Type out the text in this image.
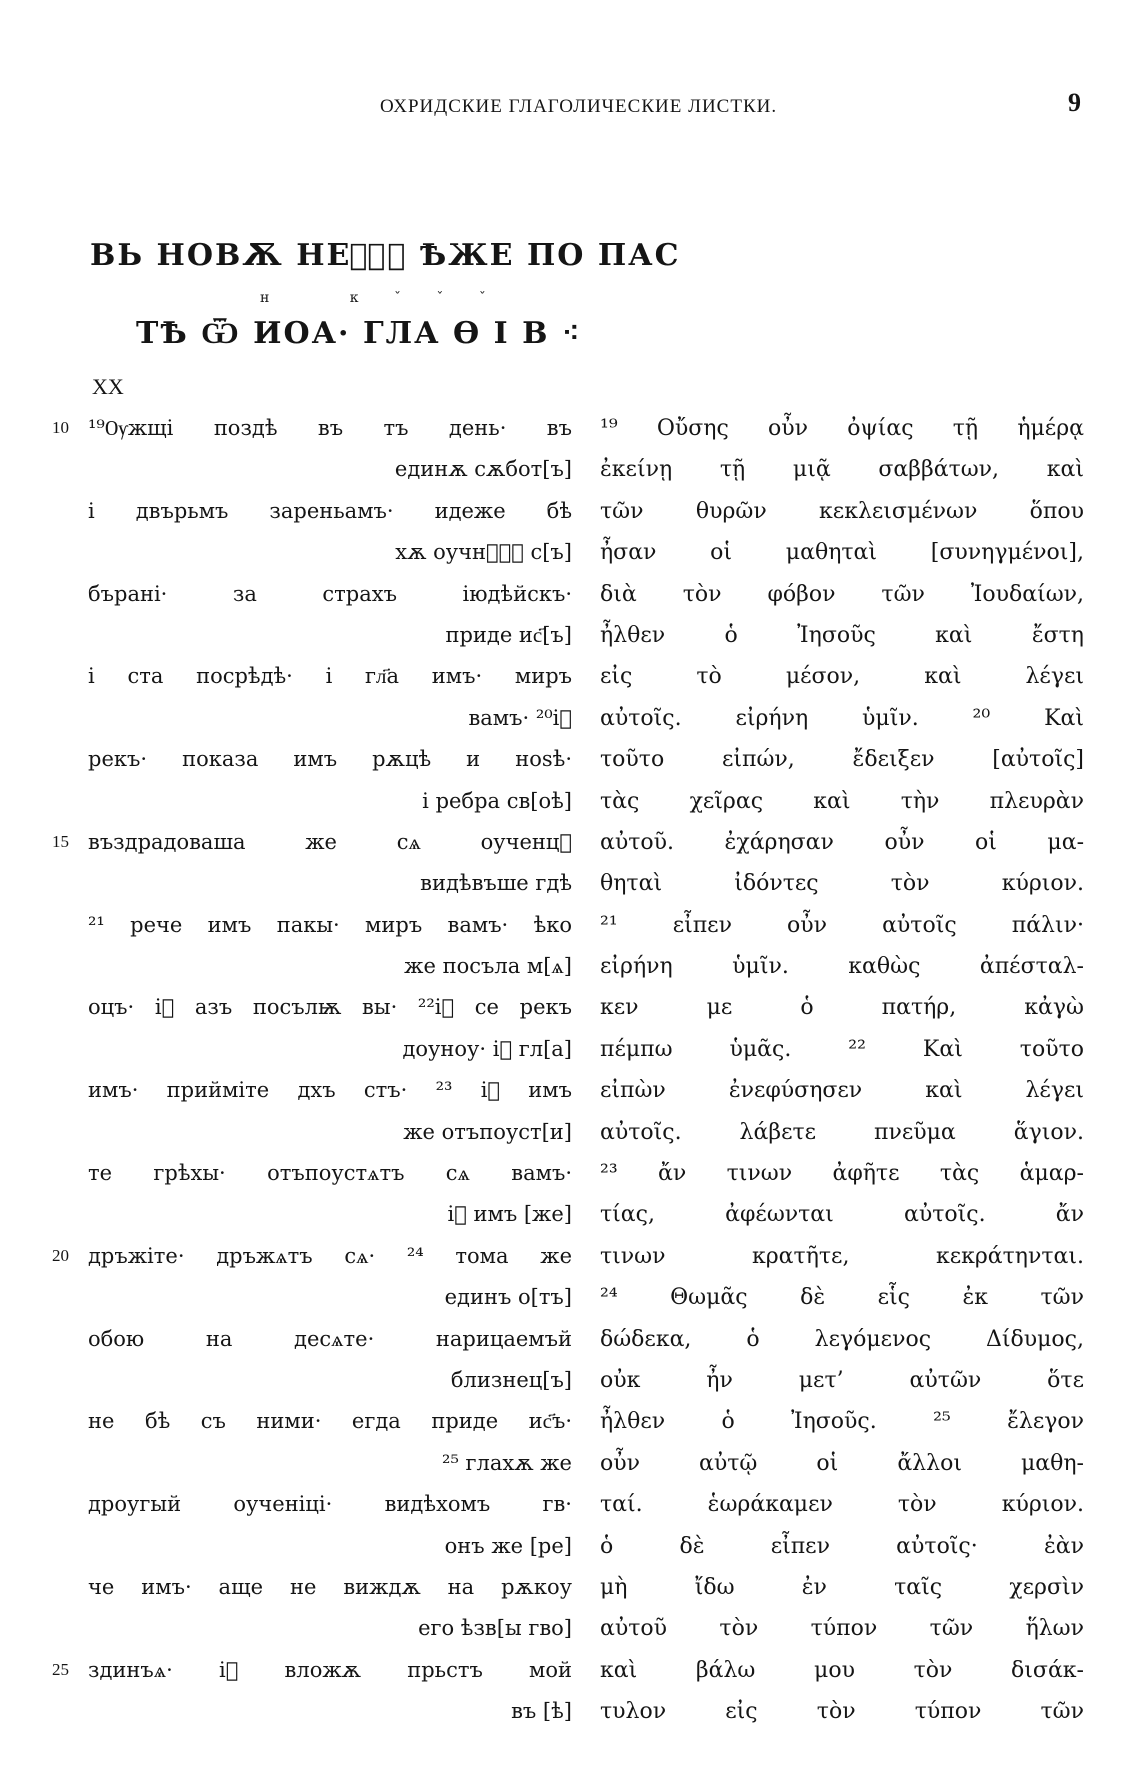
ОХРИДСКИЕ ГЛАГОЛИЧЕСКИЕ ЛИСТКИ.	9
ВЬ НОВѪ НЕⷣ҇⁖ ѢЖЕ ПО ПАС
н к ̌ ̌ ̌
ТѢ Ѿ ИОА· ГЛА Ѳ І В ⁖
XX
10
15
20
25
¹⁹Ѹжщі поздѣ въ тъ день· въ
единѫ сѫбот[ъ]
і двърьмъ зареньамъ· идеже бѣ
хѫ оучнⷰⷰ҇ с[ъ]
бърані· за страхъ іюдѣйскъ·
приде ис҃[ъ]
і ста посрѣдѣ· і гл҃а имъ· миръ
вамъ· ²⁰іⷭ
рекъ· показа имъ рѫцѣ и ноѕѣ·
і ребра св[оѣ]
въздрадоваша же сѧ оученцⷰ
видѣвъше гдѣ
²¹ рече имъ пакы· миръ вамъ· ѣко
же посъла м[ѧ]
оцъ· іⷭ азъ посълѭ вы· ²²іⷭ се рекъ
доуноу· іⷭ гл[а]
имъ· прийміте дхъ стъ· ²³ іⷭ имъ
же отъпоуст[и]
те грѣхы· отъпоустѧтъ сѧ вамъ·
іⷭ имъ [же]
дръжіте· дръжѧтъ сѧ· ²⁴ тома же
единъ о[тъ]
обою на десѧте· нарицаемъй
близнец[ъ]
не бѣ съ ними· егда приде ис҃ъ·
²⁵ глахѫ же
дроугый оученіці· видѣхомъ гв·
онъ же [ре]
че имъ· аще не виждѫ на рѫкоу
его ѣзв[ы гво]
здинъѧ· іⷭ вложѫ прьстъ мой
въ [ѣ]
¹⁹ Οὔσης οὖν ὀψίας τῇ ἡμέρᾳ
ἐκείνῃ τῇ μιᾷ σαββάτων, καὶ
τῶν θυρῶν κεκλεισμένων ὅπου
ἦσαν οἱ μαθηταὶ [συνηγμένοι],
διὰ τὸν φόβον τῶν Ἰουδαίων,
ἦλθεν ὁ Ἰησοῦς καὶ ἔστη
εἰς τὸ μέσον, καὶ λέγει
αὐτοῖς. εἰρήνη ὑμῖν. ²⁰ Καὶ
τοῦτο εἰπών, ἔδειξεν [αὐτοῖς]
τὰς χεῖρας καὶ τὴν πλευρὰν
αὐτοῦ. ἐχάρησαν οὖν οἱ μα-
θηταὶ ἰδόντες τὸν κύριον.
²¹ εἶπεν οὖν αὐτοῖς πάλιν·
εἰρήνη ὑμῖν. καθὼς ἀπέσταλ-
κεν με ὁ πατήρ, κἀγὼ
πέμπω ὑμᾶς. ²² Καὶ τοῦτο
εἰπὼν ἐνεφύσησεν καὶ λέγει
αὐτοῖς. λάβετε πνεῦμα ἅγιον.
²³ ἄν τινων ἀφῆτε τὰς ἁμαρ-
τίας, ἀφέωνται αὐτοῖς. ἄν
τινων κρατῆτε, κεκράτηνται.
²⁴ Θωμᾶς δὲ εἷς ἐκ τῶν
δώδεκα, ὁ λεγόμενος Δίδυμος,
οὐκ ἦν μετ’ αὐτῶν ὅτε
ἦλθεν ὁ Ἰησοῦς. ²⁵ ἔλεγον
οὖν αὐτῷ οἱ ἄλλοι μαθη-
ταί. ἑωράκαμεν τὸν κύριον.
ὁ δὲ εἶπεν αὐτοῖς· ἐὰν
μὴ ἴδω ἐν ταῖς χερσὶν
αὐτοῦ τὸν τύπον τῶν ἥλων
καὶ βάλω μου τὸν δισάκ-
τυλον εἰς τὸν τύπον τῶν
